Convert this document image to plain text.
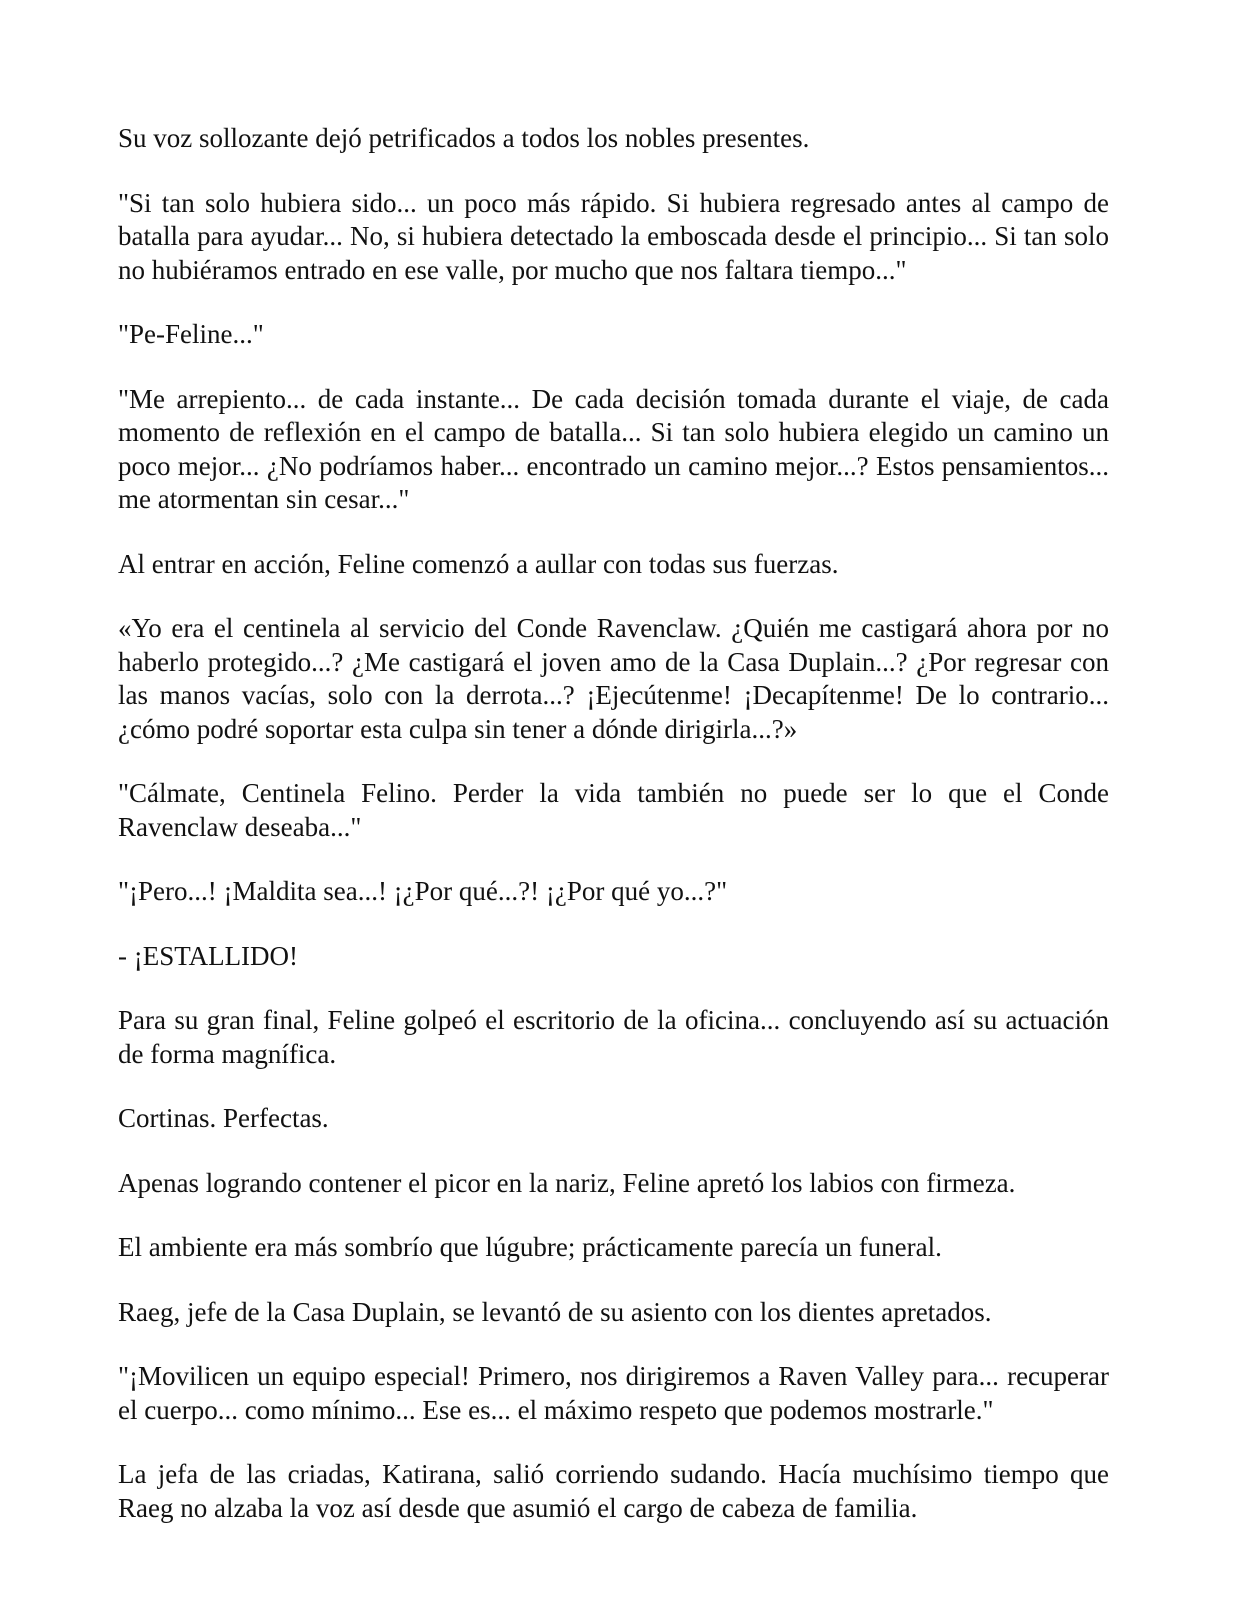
Su voz sollozante dejó petrificados a todos los nobles presentes.

"Si tan solo hubiera sido... un poco más rápido. Si hubiera regresado antes al campo de batalla para ayudar... No, si hubiera detectado la emboscada desde el principio... Si tan solo no hubiéramos entrado en ese valle, por mucho que nos faltara tiempo..."

"Pe-Feline..."

"Me arrepiento... de cada instante... De cada decisión tomada durante el viaje, de cada momento de reflexión en el campo de batalla... Si tan solo hubiera elegido un camino un poco mejor... ¿No podríamos haber... encontrado un camino mejor...? Estos pensamientos... me atormentan sin cesar..."

Al entrar en acción, Feline comenzó a aullar con todas sus fuerzas.

«Yo era el centinela al servicio del Conde Ravenclaw. ¿Quién me castigará ahora por no haberlo protegido...? ¿Me castigará el joven amo de la Casa Duplain...? ¿Por regresar con las manos vacías, solo con la derrota...? ¡Ejecútenme! ¡Decapítenme! De lo contrario... ¿cómo podré soportar esta culpa sin tener a dónde dirigirla...?»

"Cálmate, Centinela Felino. Perder la vida también no puede ser lo que el Conde Ravenclaw deseaba..."

"¡Pero...! ¡Maldita sea...! ¡¿Por qué...?! ¡¿Por qué yo...?"

- ¡ESTALLIDO!

Para su gran final, Feline golpeó el escritorio de la oficina... concluyendo así su actuación de forma magnífica.

Cortinas. Perfectas.

Apenas logrando contener el picor en la nariz, Feline apretó los labios con firmeza.

El ambiente era más sombrío que lúgubre; prácticamente parecía un funeral.

Raeg, jefe de la Casa Duplain, se levantó de su asiento con los dientes apretados.

"¡Movilicen un equipo especial! Primero, nos dirigiremos a Raven Valley para... recuperar el cuerpo... como mínimo... Ese es... el máximo respeto que podemos mostrarle."

La jefa de las criadas, Katirana, salió corriendo sudando. Hacía muchísimo tiempo que Raeg no alzaba la voz así desde que asumió el cargo de cabeza de familia.
